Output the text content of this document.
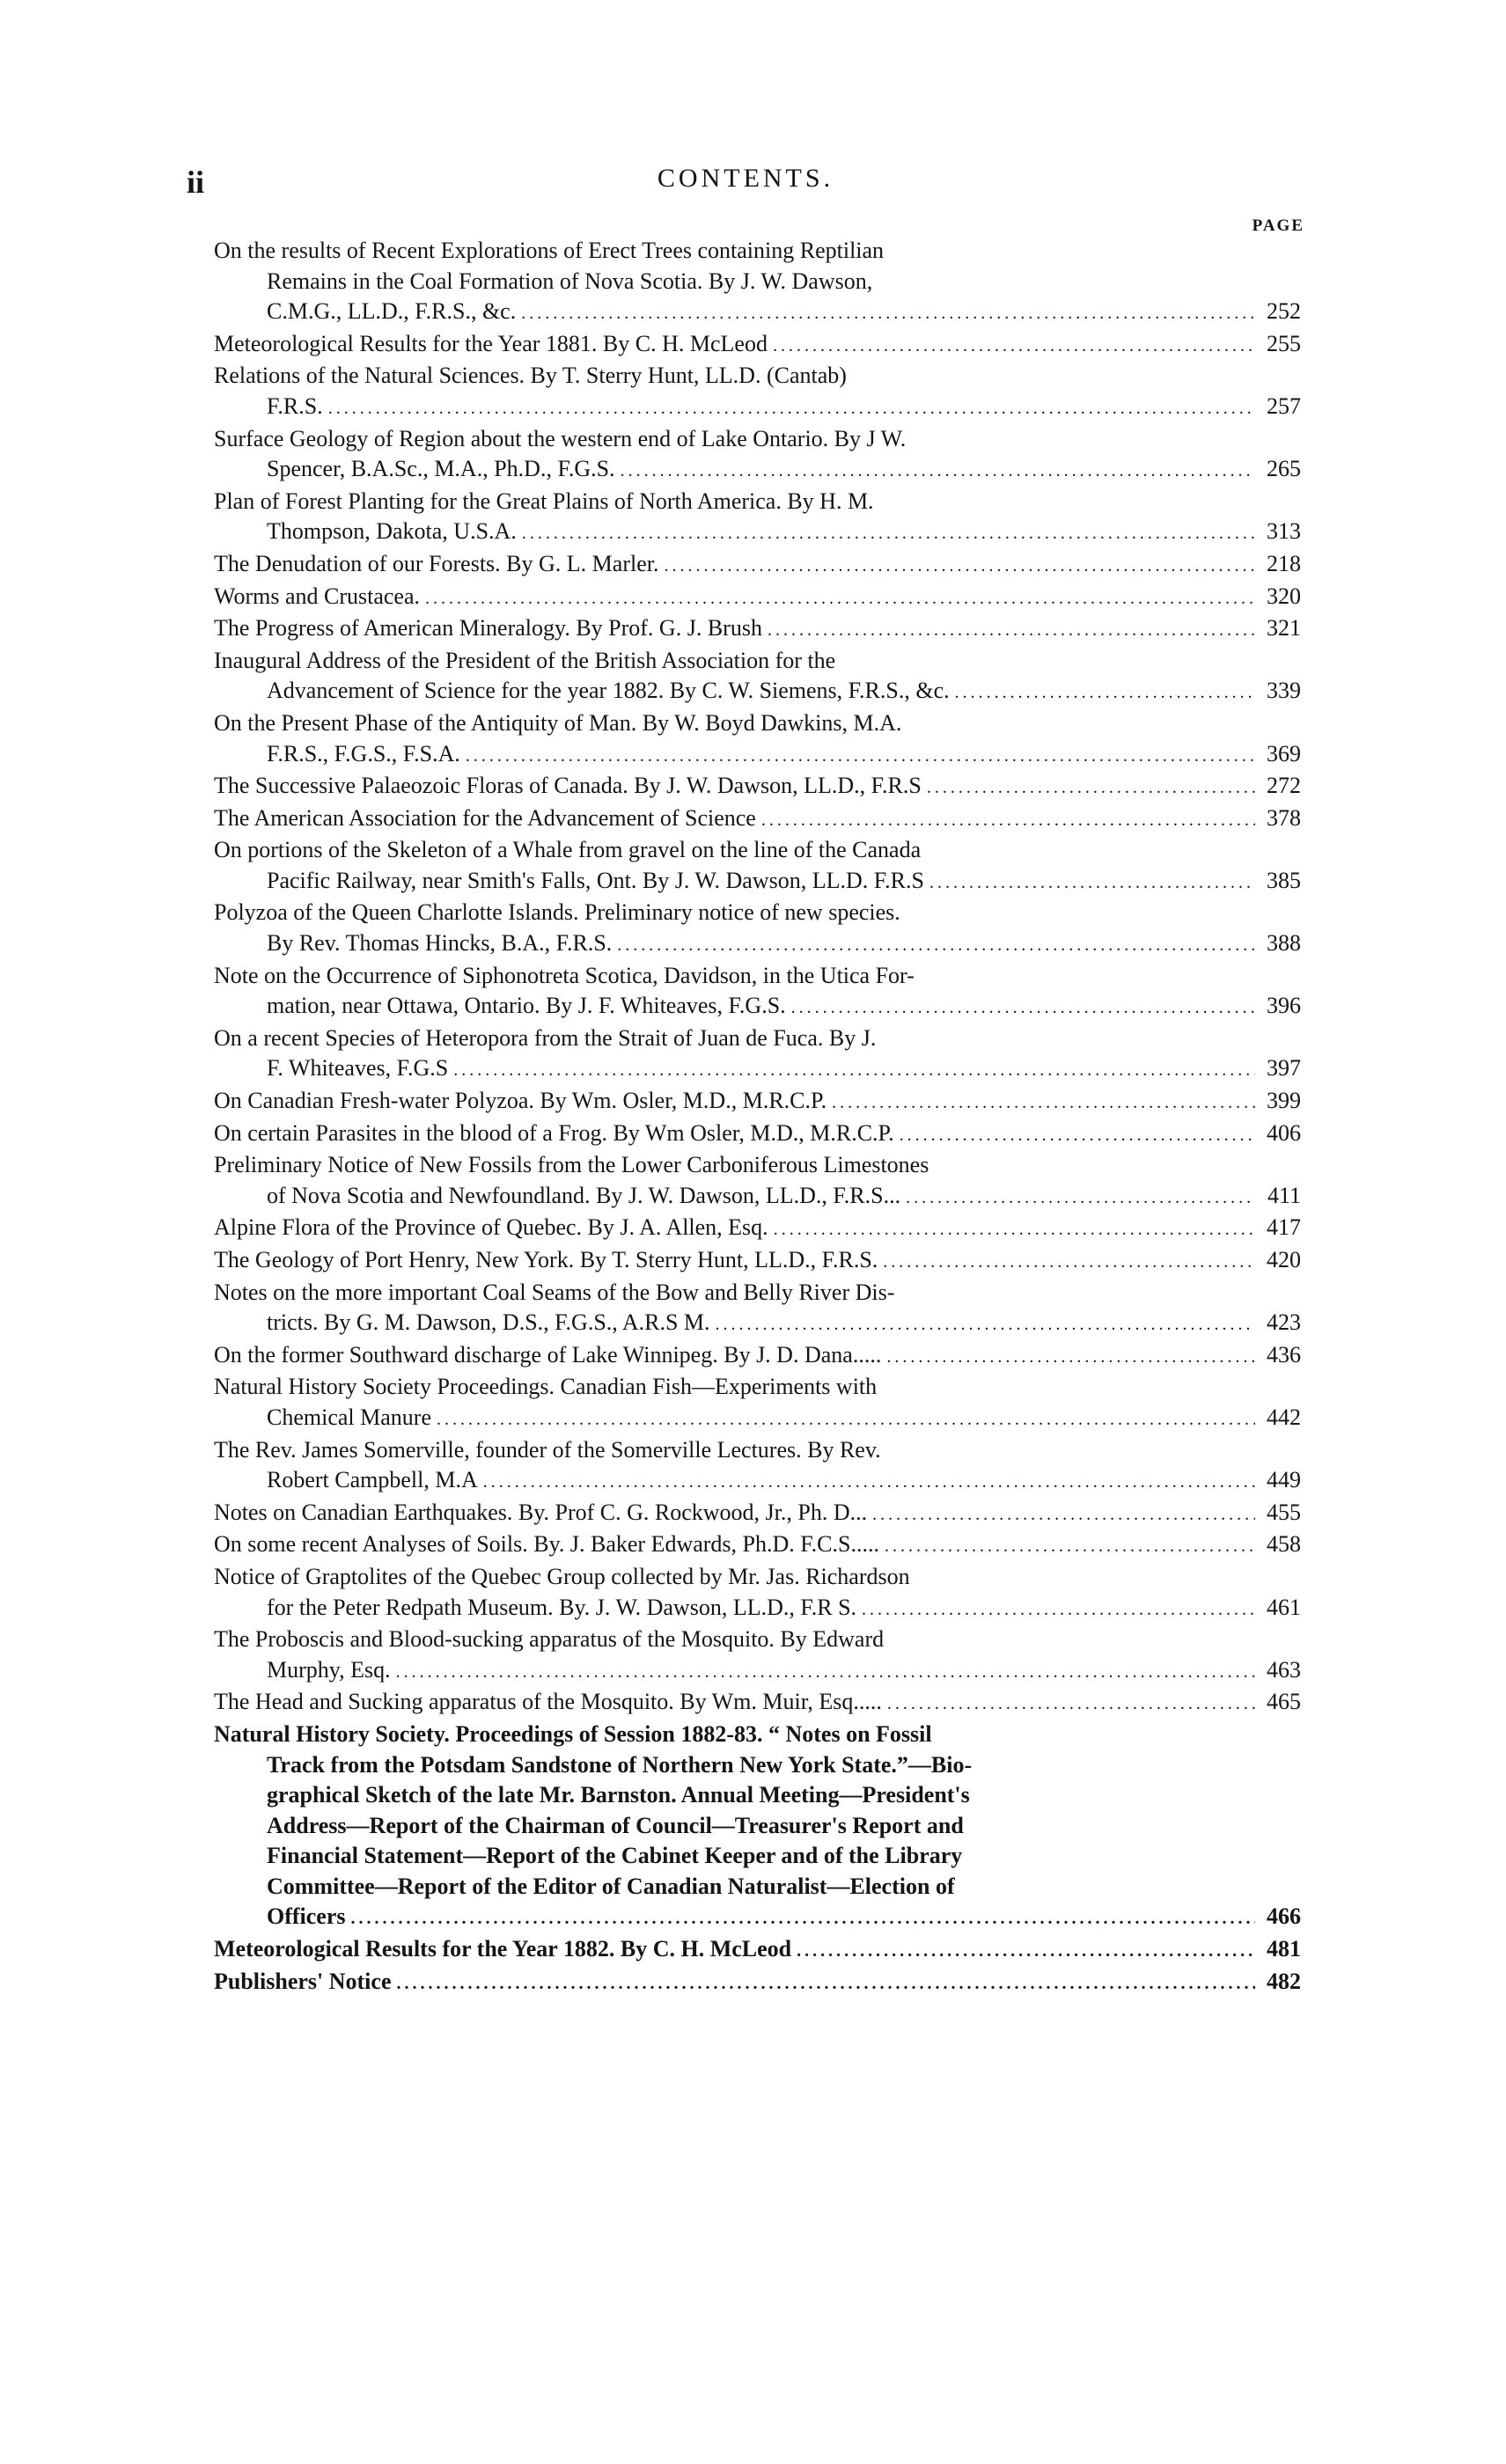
ii	CONTENTS.
PAGE
On the results of Recent Explorations of Erect Trees containing Reptilian
Remains in the Coal Formation of Nova Scotia. By J. W. Dawson,
C.M.G., LL.D., F.R.S., &c. .....	252
Meteorological Results for the Year 1881. By C. H. McLeod .....	255
Relations of the Natural Sciences. By T. Sterry Hunt, LL.D. (Cantab)
F.R.S. .....	257
Surface Geology of Region about the western end of Lake Ontario. By J W.
Spencer, B.A.Sc., M.A., Ph.D., F.G.S. .....	265
Plan of Forest Planting for the Great Plains of North America. By H. M.
Thompson, Dakota, U.S.A. .....	313
The Denudation of our Forests. By G. L. Marler. .....	218
Worms and Crustacea. .....	320
The Progress of American Mineralogy. By Prof. G. J. Brush .....	321
Inaugural Address of the President of the British Association for the
Advancement of Science for the year 1882. By C. W. Siemens, F.R.S., &c. .....	339
On the Present Phase of the Antiquity of Man. By W. Boyd Dawkins, M.A.
F.R.S., F.G.S., F.S.A. .....	369
The Successive Palaeozoic Floras of Canada. By J. W. Dawson, LL.D., F.R.S .....	272
The American Association for the Advancement of Science .....	378
On portions of the Skeleton of a Whale from gravel on the line of the Canada
Pacific Railway, near Smith's Falls, Ont. By J. W. Dawson, LL.D. F.R.S .....	385
Polyzoa of the Queen Charlotte Islands. Preliminary notice of new species.
By Rev. Thomas Hincks, B.A., F.R.S. .....	388
Note on the Occurrence of Siphonotreta Scotica, Davidson, in the Utica For-
mation, near Ottawa, Ontario. By J. F. Whiteaves, F.G.S. .....	396
On a recent Species of Heteropora from the Strait of Juan de Fuca. By J.
F. Whiteaves, F.G.S .....	397
On Canadian Fresh-water Polyzoa. By Wm. Osler, M.D., M.R.C.P. .....	399
On certain Parasites in the blood of a Frog. By Wm Osler, M.D., M.R.C.P. .....	406
Preliminary Notice of New Fossils from the Lower Carboniferous Limestones
of Nova Scotia and Newfoundland. By J. W. Dawson, LL.D., F.R.S... .....	411
Alpine Flora of the Province of Quebec. By J. A. Allen, Esq. .....	417
The Geology of Port Henry, New York. By T. Sterry Hunt, LL.D., F.R.S. .....	420
Notes on the more important Coal Seams of the Bow and Belly River Dis-
tricts. By G. M. Dawson, D.S., F.G.S., A.R.S M. .....	423
On the former Southward discharge of Lake Winnipeg. By J. D. Dana..... .....	436
Natural History Society Proceedings. Canadian Fish—Experiments with
Chemical Manure .....	442
The Rev. James Somerville, founder of the Somerville Lectures. By Rev.
Robert Campbell, M.A .....	449
Notes on Canadian Earthquakes. By. Prof C. G. Rockwood, Jr., Ph. D... .....	455
On some recent Analyses of Soils. By. J. Baker Edwards, Ph.D. F.C.S..... .....	458
Notice of Graptolites of the Quebec Group collected by Mr. Jas. Richardson
for the Peter Redpath Museum. By. J. W. Dawson, LL.D., F.R S. .....	461
The Proboscis and Blood-sucking apparatus of the Mosquito. By Edward
Murphy, Esq. .....	463
The Head and Sucking apparatus of the Mosquito. By Wm. Muir, Esq..... .....	465
Natural History Society. Proceedings of Session 1882-83. “ Notes on Fossil
Track from the Potsdam Sandstone of Northern New York State.”—Bio-
graphical Sketch of the late Mr. Barnston. Annual Meeting—President's
Address—Report of the Chairman of Council—Treasurer's Report and
Financial Statement—Report of the Cabinet Keeper and of the Library
Committee—Report of the Editor of Canadian Naturalist—Election of
Officers .....	466
Meteorological Results for the Year 1882. By C. H. McLeod .....	481
Publishers' Notice .....	482
